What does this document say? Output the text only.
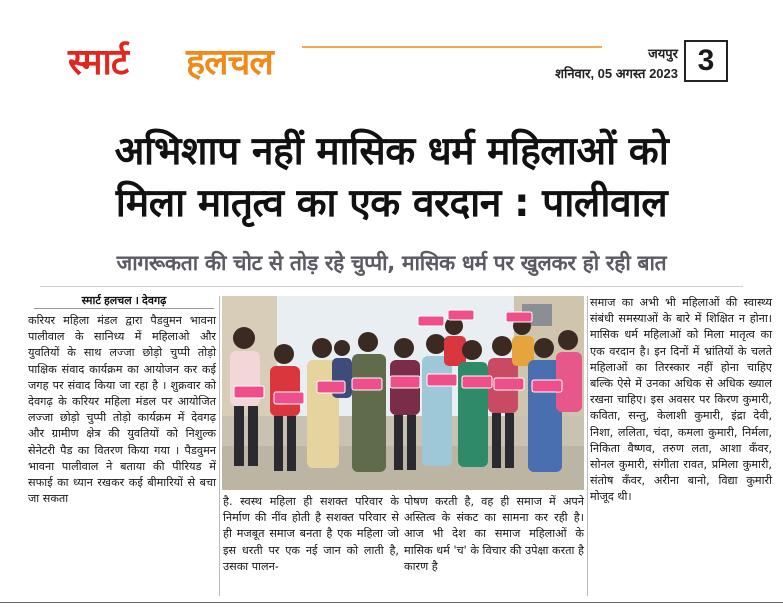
स्मार्ट हलचल	जयपुर
शनिवार, 05 अगस्त 2023 3
अभिशाप नहीं मासिक धर्म महिलाओं को
मिला मातृत्व का एक वरदान : पालीवाल
जागरूकता की चोट से तोड़ रहे चुप्पी, मासिक धर्म पर खुलकर हो रही बात
स्मार्ट हलचल । देवगढ़
करियर महिला मंडल द्वारा पैडवुमन भावना पालीवाल के सानिध्य में महिलाओ और युवतियों के साथ लज्जा छोड़ो चुप्पी तोड़ो पाक्षिक संवाद कार्यक्रम का आयोजन कर कई जगह पर संवाद किया जा रहा है । शुक्रवार को देवगढ़ के करियर महिला मंडल पर आयोजित लज्जा छोड़ो चुप्पी तोड़ो कार्यक्रम में देवगढ़ और ग्रामीण क्षेत्र की युवतियों को निशुल्क सेनेटरी पैड का वितरण किया गया । पैडवुमन भावना पालीवाल ने बताया की पीरियड में सफाई का ध्यान रखकर कई बीमारियों से बचा जा सकता	है. स्वस्थ महिला ही सशक्त परिवार के निर्माण की नींव होती है सशक्त परिवार से ही मजबूत समाज बनता है एक महिला जो इस धरती पर एक नई जान को लाती है, उसका पालन-
पोषण करती है, वह ही समाज में अपने अस्तित्व के संकट का सामना कर रही है। आज भी देश का समाज महिलाओं के मासिक धर्म 'च' के विचार की उपेक्षा करता है कारण है
समाज का अभी भी महिलाओं की स्वास्थ्य संबंधी समस्याओं के बारे में शिक्षित न होना। मासिक धर्म महिलाओं को मिला मातृत्व का एक वरदान है। इन दिनों में भ्रांतियों के चलते महिलाओं का तिरस्कार नहीं होना चाहिए बल्कि ऐसे में उनका अधिक से अधिक ख्याल रखना चाहिए। इस अवसर पर किरण कुमारी, कविता, सन्तु, केलाशी कुमारी, इंद्रा देवी, निशा, ललिता, चंदा, कमला कुमारी, निर्मला, निकिता वैष्णव, तरुण लता, आशा कँवर, सोनल कुमारी, संगीता रावत, प्रमिला कुमारी, संतोष कँवर, अरीना बानो, विद्या कुमारी मोजूद थी।
